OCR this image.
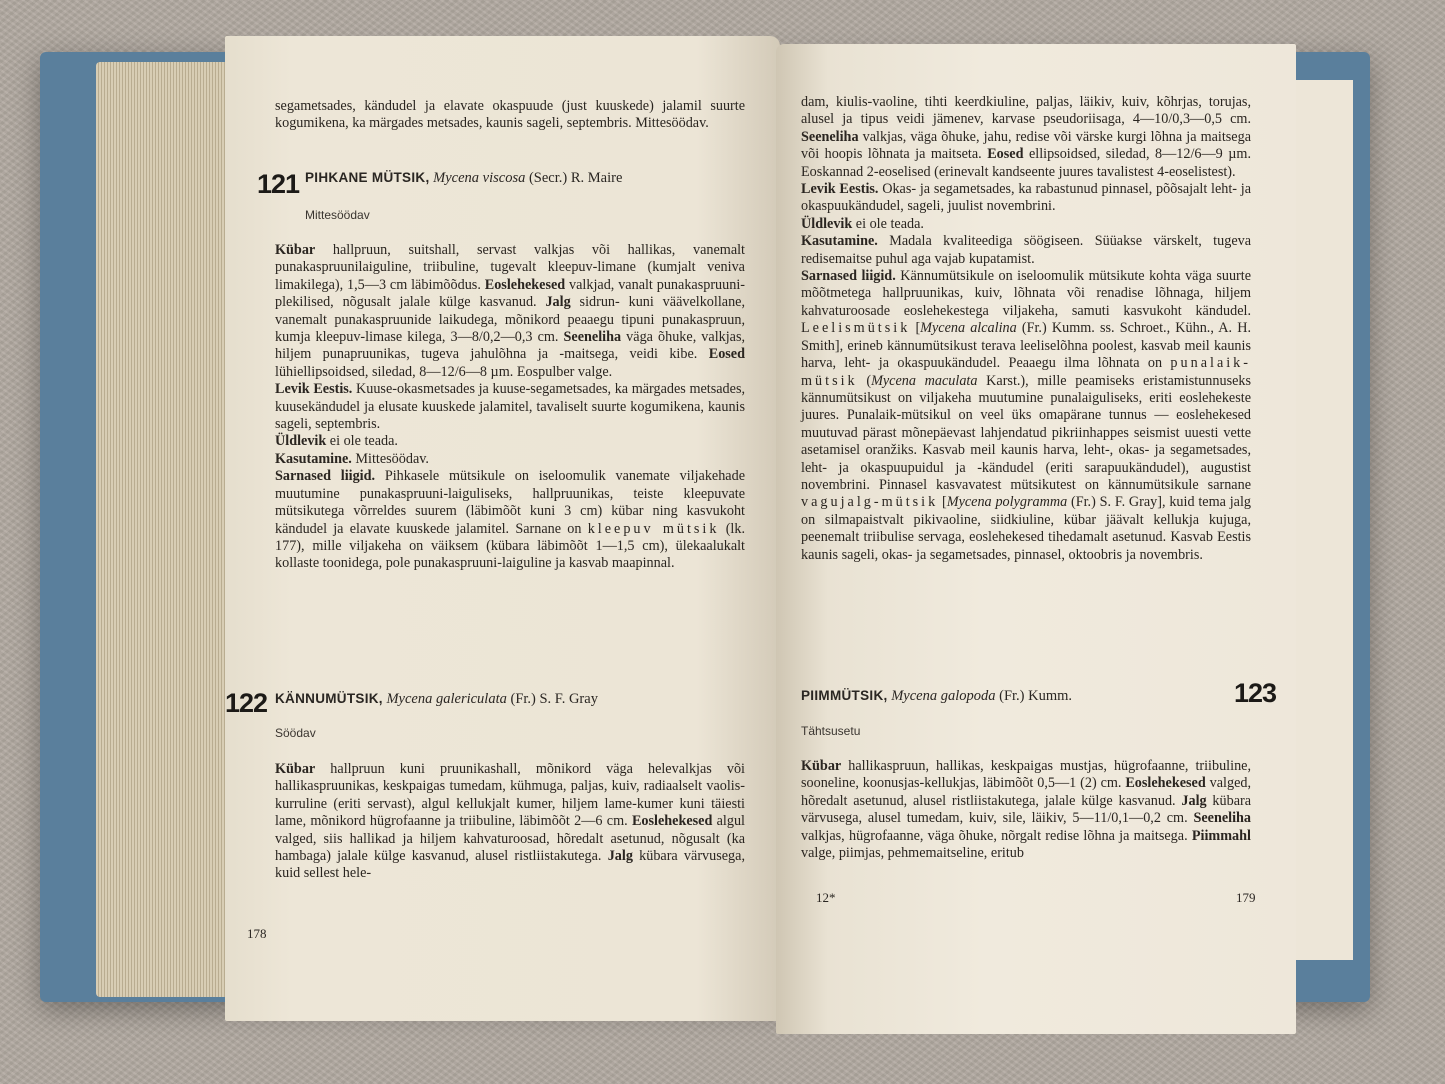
segametsades, kändudel ja elavate okaspuude (just kuuskede) jalamil suurte kogumikena, ka märgades metsades, kaunis sageli, septembris. Mittesöödav.
121 PIHKANE MÜTSIK, Mycena viscosa (Secr.) R. Maire
Mittesöödav

Kübar hallpruun, suitshall, servast valkjas või hallikas, vanemalt punakaspruunilaiguline, triibuline, tugevalt kleepuv-limane (kumjalt veniva limakilega), 1,5—3 cm läbimõõdus. Eoslehekesed valkjad, vanalt punakaspruuni-plekilised, nõgusalt jalale külge kasvanud. Jalg sidrun- kuni väävelkollane, vanemalt punakaspruunide laikudega, mõnikord peaaegu tipuni punakaspruun, kumja kleepuv-limase kilega, 3—8/0,2—0,3 cm. Seeneliha väga õhuke, valkjas, hiljem punapruunikas, tugeva jahulõhna ja -maitsega, veidi kibe. Eosed lühiellipsoidsed, siledad, 8—12/6—8 µm. Eospulber valge.

Levik Eestis. Kuuse-okasmetsades ja kuuse-segametsades, ka märgades metsades, kuusekändudel ja elusate kuuskede jalamitel, tavaliselt suurte kogumikena, kaunis sageli, septembris.

Üldlevik ei ole teada.

Kasutamine. Mittesöödav.

Sarnased liigid. Pihkasele mütsikule on iseloomulik vanemate viljakehade muutumine punakaspruuni-laiguliseks, hallpruunikas, teiste kleepuvate mütsikutega võrreldes suurem (läbimõõt kuni 3 cm) kübar ning kasvukoht kändudel ja elavate kuuskede jalamitel. Sarnane on kleepuv mütsik (lk. 177), mille viljakeha on väiksem (kübara läbimõõt 1—1,5 cm), ülekaalukalt kollaste toonidega, pole punakaspruuni-laiguline ja kasvab maapinnal.

122 KÄNNUMÜTSIK, Mycena galericulata (Fr.) S. F. Gray
Söödav

Kübar hallpruun kuni pruunikashall, mõnikord väga helevalkjas või hallikaspruunikas, keskpaigas tumedam, kühmuga, paljas, kuiv, radiaalselt vaolis-kurruline (eriti servast), algul kellukjalt kumer, hiljem lame-kumer kuni täiesti lame, mõnikord hügrofaanne ja triibuline, läbimõõt 2—6 cm. Eoslehekesed algul valged, siis hallikad ja hiljem kahvaturoosad, hõredalt asetunud, nõgusalt (ka hambaga) jalale külge kasvanud, alusel ristliistakutega. Jalg kübara värvusega, kuid sellest hele-

178

dam, kiulis-vaoline, tihti keerdkiuline, paljas, läikiv, kuiv, kõhrjas, torujas, alusel ja tipus veidi jämenev, karvase pseudoriisaga, 4—10/0,3—0,5 cm. Seeneliha valkjas, väga õhuke, jahu, redise või värske kurgi lõhna ja maitsega või hoopis lõhnata ja maitseta. Eosed ellipsoidsed, siledad, 8—12/6—9 µm. Eoskannad 2-eoselised (erinevalt kandseente juures tavalistest 4-eoselistest).

Levik Eestis. Okas- ja segametsades, ka rabastunud pinnasel, põõsajalt leht- ja okaspuukändudel, sageli, juulist novembrini.

Üldlevik ei ole teada.

Kasutamine. Madala kvaliteediga söögiseen. Süüakse värskelt, tugeva redisemaitse puhul aga vajab kupatamist.

Sarnased liigid. Kännumütsikule on iseloomulik mütsikute kohta väga suurte mõõtmetega hallpruunikas, kuiv, lõhnata või renadise lõhnaga, hiljem kahvaturoosade eoslehekestega viljakeha, samuti kasvukoht kändudel. Leelismütsik [Mycena alcalina (Fr.) Kumm. ss. Schroet., Kühn., A. H. Smith], erineb kännumütsikust terava leeliselõhna poolest, kasvab meil kaunis harva, leht- ja okaspuukändudel. Peaaegu ilma lõhnata on punalaik-mütsik (Mycena maculata Karst.), mille peamiseks eristamistunnuseks kännumütsikust on viljakeha muutumine punalaiguliseks, eriti eoslehekeste juures. Punalaik-mütsikul on veel üks omapärane tunnus — eoslehekesed muutuvad pärast mõnepäevast lahjendatud pikriinhappes seismist uuesti vette asetamisel oranžiks. Kasvab meil kaunis harva, leht-, okas- ja segametsades, leht- ja okaspuupuidul ja -kändudel (eriti sarapuukändudel), augustist novembrini. Pinnasel kasvavatest mütsikutest on kännumütsikule sarnane vagujalg-mütsik [Mycena polygramma (Fr.) S. F. Gray], kuid tema jalg on silmapaistvalt pikivaoline, siidkiuline, kübar jäävalt kellukja kujuga, peenemalt triibulise servaga, eoslehekesed tihedamalt asetunud. Kasvab Eestis kaunis sageli, okas- ja segametsades, pinnasel, oktoobris ja novembris.

PIIMMÜTSIK, Mycena galopoda (Fr.) Kumm.	123
Tähtsusetu

Kübar hallikaspruun, hallikas, keskpaigas mustjas, hügrofaanne, triibuline, sooneline, koonusjas-kellukjas, läbimõõt 0,5—1 (2) cm. Eoslehekesed valged, hõredalt asetunud, alusel ristliistakutega, jalale külge kasvanud. Jalg kübara värvusega, alusel tumedam, kuiv, sile, läikiv, 5—11/0,1—0,2 cm. Seeneliha valkjas, hügrofaanne, väga õhuke, nõrgalt redise lõhna ja maitsega. Piimmahl valge, piimjas, pehmemaitseline, eritub

12*	179
